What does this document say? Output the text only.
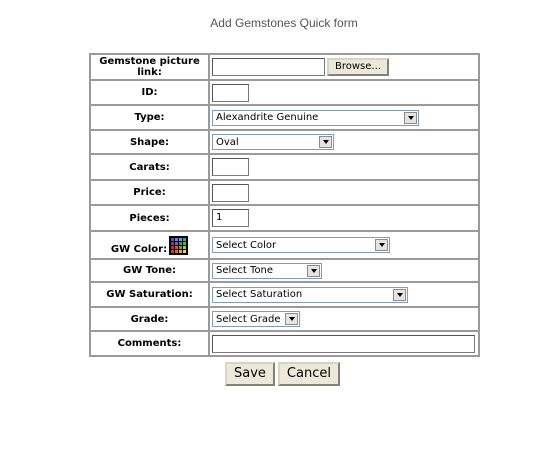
Add Gemstones Quick form
Gemstone picture link:	Browse...
ID:	
Type:	Alexandrite Genuine

Shape:	Oval

Carats:	
Price:	
Pieces:	1
GW Color:	Select Color

GW Tone:	Select Tone

GW Saturation:	Select Saturation

Grade:	Select Grade

Comments:	
Save Cancel
